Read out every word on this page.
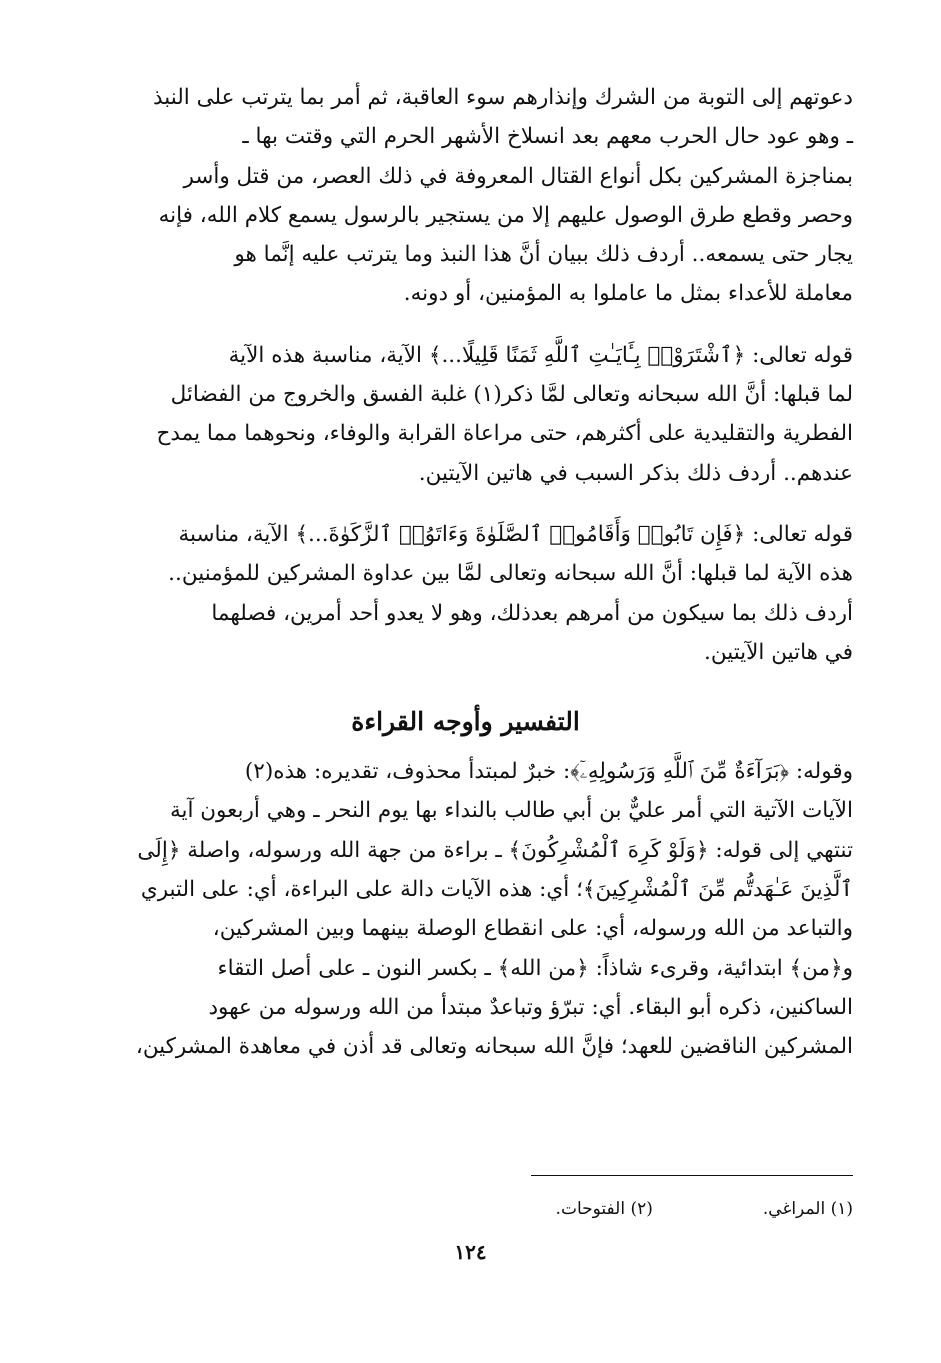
دعوتهم إلى التوبة من الشرك وإنذارهم سوء العاقبة، ثم أمر بما يترتب على النبذ
ـ وهو عود حال الحرب معهم بعد انسلاخ الأشهر الحرم التي وقتت بها ـ
بمناجزة المشركين بكل أنواع القتال المعروفة في ذلك العصر، من قتل وأسر
وحصر وقطع طرق الوصول عليهم إلا من يستجير بالرسول يسمع كلام الله، فإنه
يجار حتى يسمعه.. أردف ذلك ببيان أنَّ هذا النبذ وما يترتب عليه إنَّما هو
معاملة للأعداء بمثل ما عاملوا به المؤمنين، أو دونه.
قوله تعالى: ﴿ٱشْتَرَوْا۟ بِـَٔايَـٰتِ ٱللَّهِ ثَمَنًا قَلِيلًا...﴾ الآية، مناسبة هذه الآية
لما قبلها: أنَّ الله سبحانه وتعالى لمَّا ذكر(١) غلبة الفسق والخروج من الفضائل
الفطرية والتقليدية على أكثرهم، حتى مراعاة القرابة والوفاء، ونحوهما مما يمدح
عندهم.. أردف ذلك بذكر السبب في هاتين الآيتين.
قوله تعالى: ﴿فَإِن تَابُوا۟ وَأَقَامُوا۟ ٱلصَّلَوٰةَ وَءَاتَوُا۟ ٱلزَّكَوٰةَ...﴾ الآية، مناسبة
هذه الآية لما قبلها: أنَّ الله سبحانه وتعالى لمَّا بين عداوة المشركين للمؤمنين..
أردف ذلك بما سيكون من أمرهم بعدذلك، وهو لا يعدو أحد أمرين، فصلهما
في هاتين الآيتين.
التفسير وأوجه القراءة
وقوله: ﴿بَرَآءَةٌ مِّنَ ٱللَّهِ وَرَسُولِهِۦٓ﴾: خبرٌ لمبتدأ محذوف، تقديره: هذه(٢)
الآيات الآتية التي أمر عليٌّ بن أبي طالب بالنداء بها يوم النحر ـ وهي أربعون آية
تنتهي إلى قوله: ﴿وَلَوْ كَرِهَ ٱلْمُشْرِكُونَ﴾ ـ براءة من جهة الله ورسوله، واصلة ﴿إِلَى
ٱلَّذِينَ عَـٰهَدتُّم مِّنَ ٱلْمُشْرِكِينَ﴾؛ أي: هذه الآيات دالة على البراءة، أي: على التبري
والتباعد من الله ورسوله، أي: على انقطاع الوصلة بينهما وبين المشركين،
و﴿من﴾ ابتدائية، وقرىء شاذاً: ﴿من الله﴾ ـ بكسر النون ـ على أصل التقاء
الساكنين، ذكره أبو البقاء. أي: تبرّؤ وتباعدٌ مبتدأ من الله ورسوله من عهود
المشركين الناقضين للعهد؛ فإنَّ الله سبحانه وتعالى قد أذن في معاهدة المشركين،
(١) المراغي.
(٢) الفتوحات.
١٢٤
